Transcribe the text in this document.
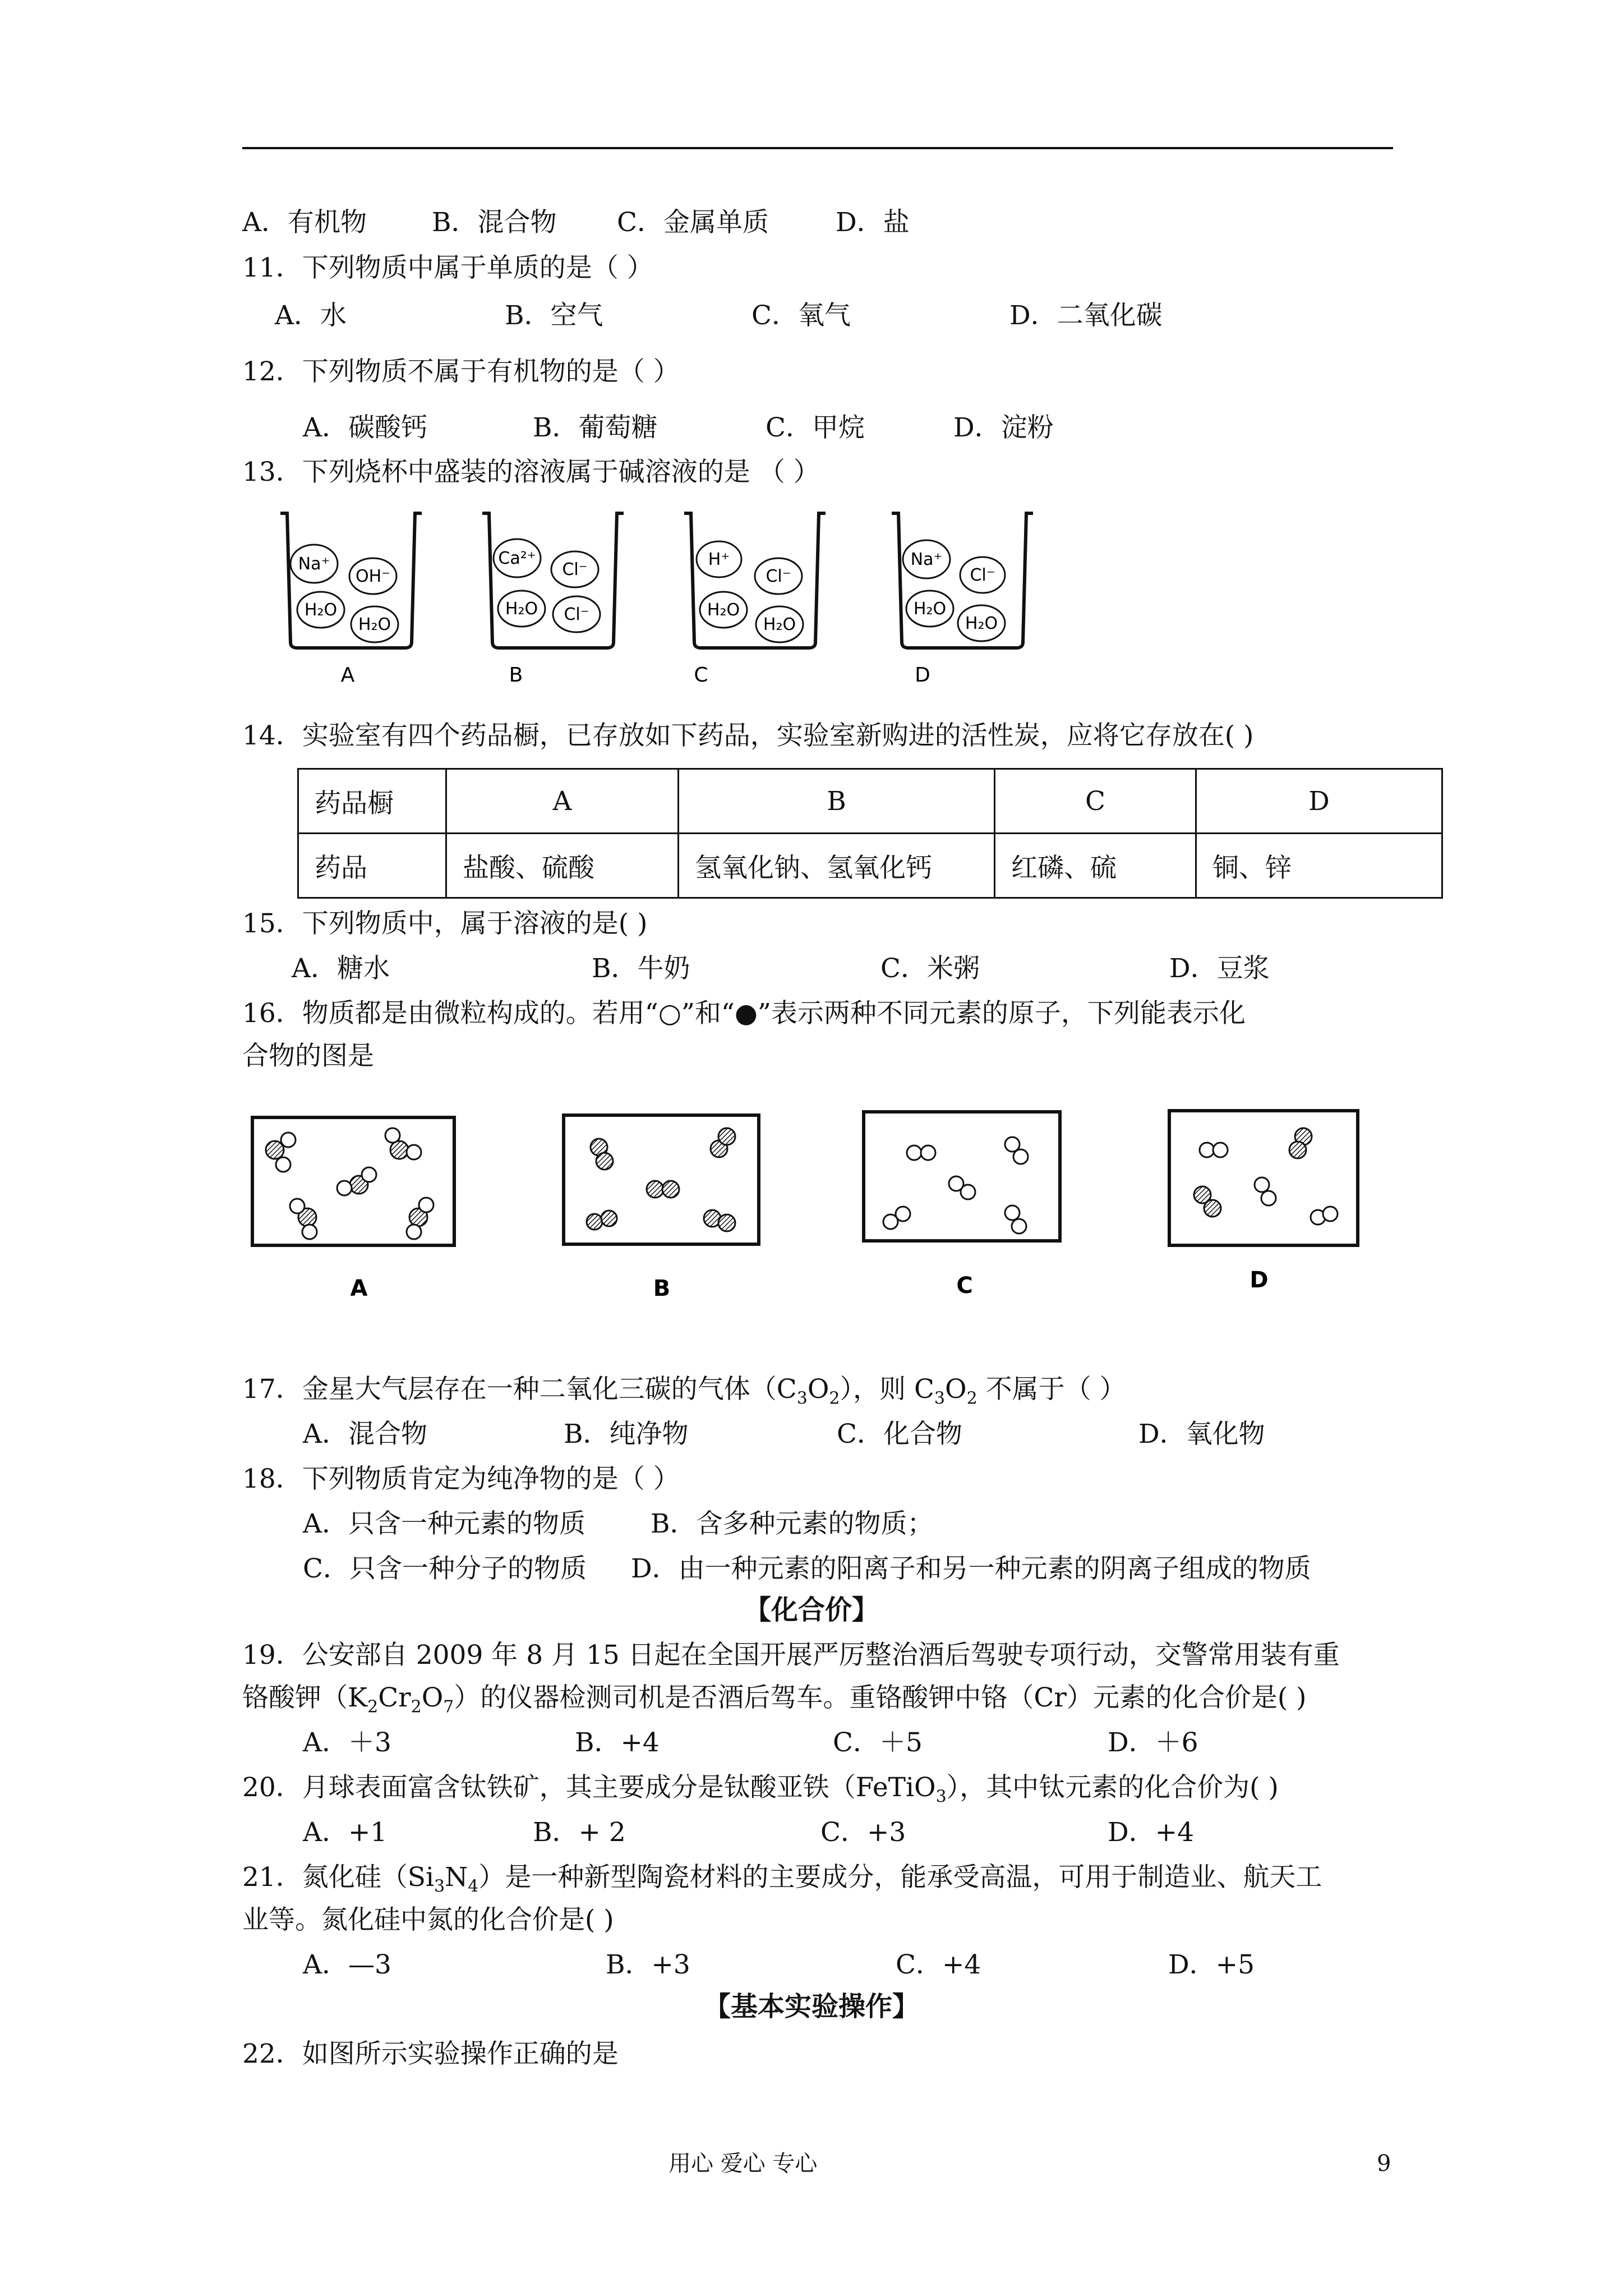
A．有机物 B．混合物 C．金属单质	D．盐
11．下列物质中属于单质的是（ ）
A．水	B．空气	C．氧气	D．二氧化碳
12．下列物质不属于有机物的是（ ）
A．碳酸钙	B．葡萄糖	C．甲烷	D．淀粉
13．下列烧杯中盛装的溶液属于碱溶液的是 （ ）
Na⁺
OH⁻
H₂O
H₂O
A
Ca²⁺
Cl⁻
H₂O Cl⁻
B
H⁺
Cl⁻
H₂O
H₂O
C
Na⁺
Cl⁻
H₂O
H₂O
D
14．实验室有四个药品橱，已存放如下药品，实验室新购进的活性炭，应将它存放在( )
药品橱	A	B	C	D
药品	盐酸、硫酸	氢氧化钠、氢氧化钙	红磷、硫	铜、锌
15．下列物质中，属于溶液的是( )
A．糖水	B．牛奶	C．米粥	D．豆浆
16．物质都是由微粒构成的。若用“○”和“●”表示两种不同元素的原子，下列能表示化
合物的图是
A	B	C	D
17．金星大气层存在一种二氧化三碳的气体$(C_3O_2)$，则 $C_3O_2$ 不属于（ ）
A．混合物	B．纯净物	C．化合物	D．氧化物
18．下列物质肯定为纯净物的是（ ）
A．只含一种元素的物质 B．含多种元素的物质；
C．只含一种分子的物质 D．由一种元素的阳离子和另一种元素的阴离子组成的物质
【化合价】
19．公安部自 2009 年 8 月 15 日起在全国开展严厉整治酒后驾驶专项行动，交警常用装有重
铬酸钾$(K_2Cr_2O_7)$的仪器检测司机是否酒后驾车。重铬酸钾中铬（Cr）元素的化合价是( )
A．＋3	B．+4	C．＋5	D．＋6
20．月球表面富含钛铁矿，其主要成分是钛酸亚铁（FeTiO$_3$），其中钛元素的化合价为( )
A．+1	B．+ 2	C．+3	D．+4
21．氮化硅$(Si_3N_4)$是一种新型陶瓷材料的主要成分，能承受高温，可用于制造业、航天工
业等。氮化硅中氮的化合价是( )
A．—3	B．+3	C．+4	D．+5
【基本实验操作】
22．如图所示实验操作正确的是
用心 爱心 专心	9
